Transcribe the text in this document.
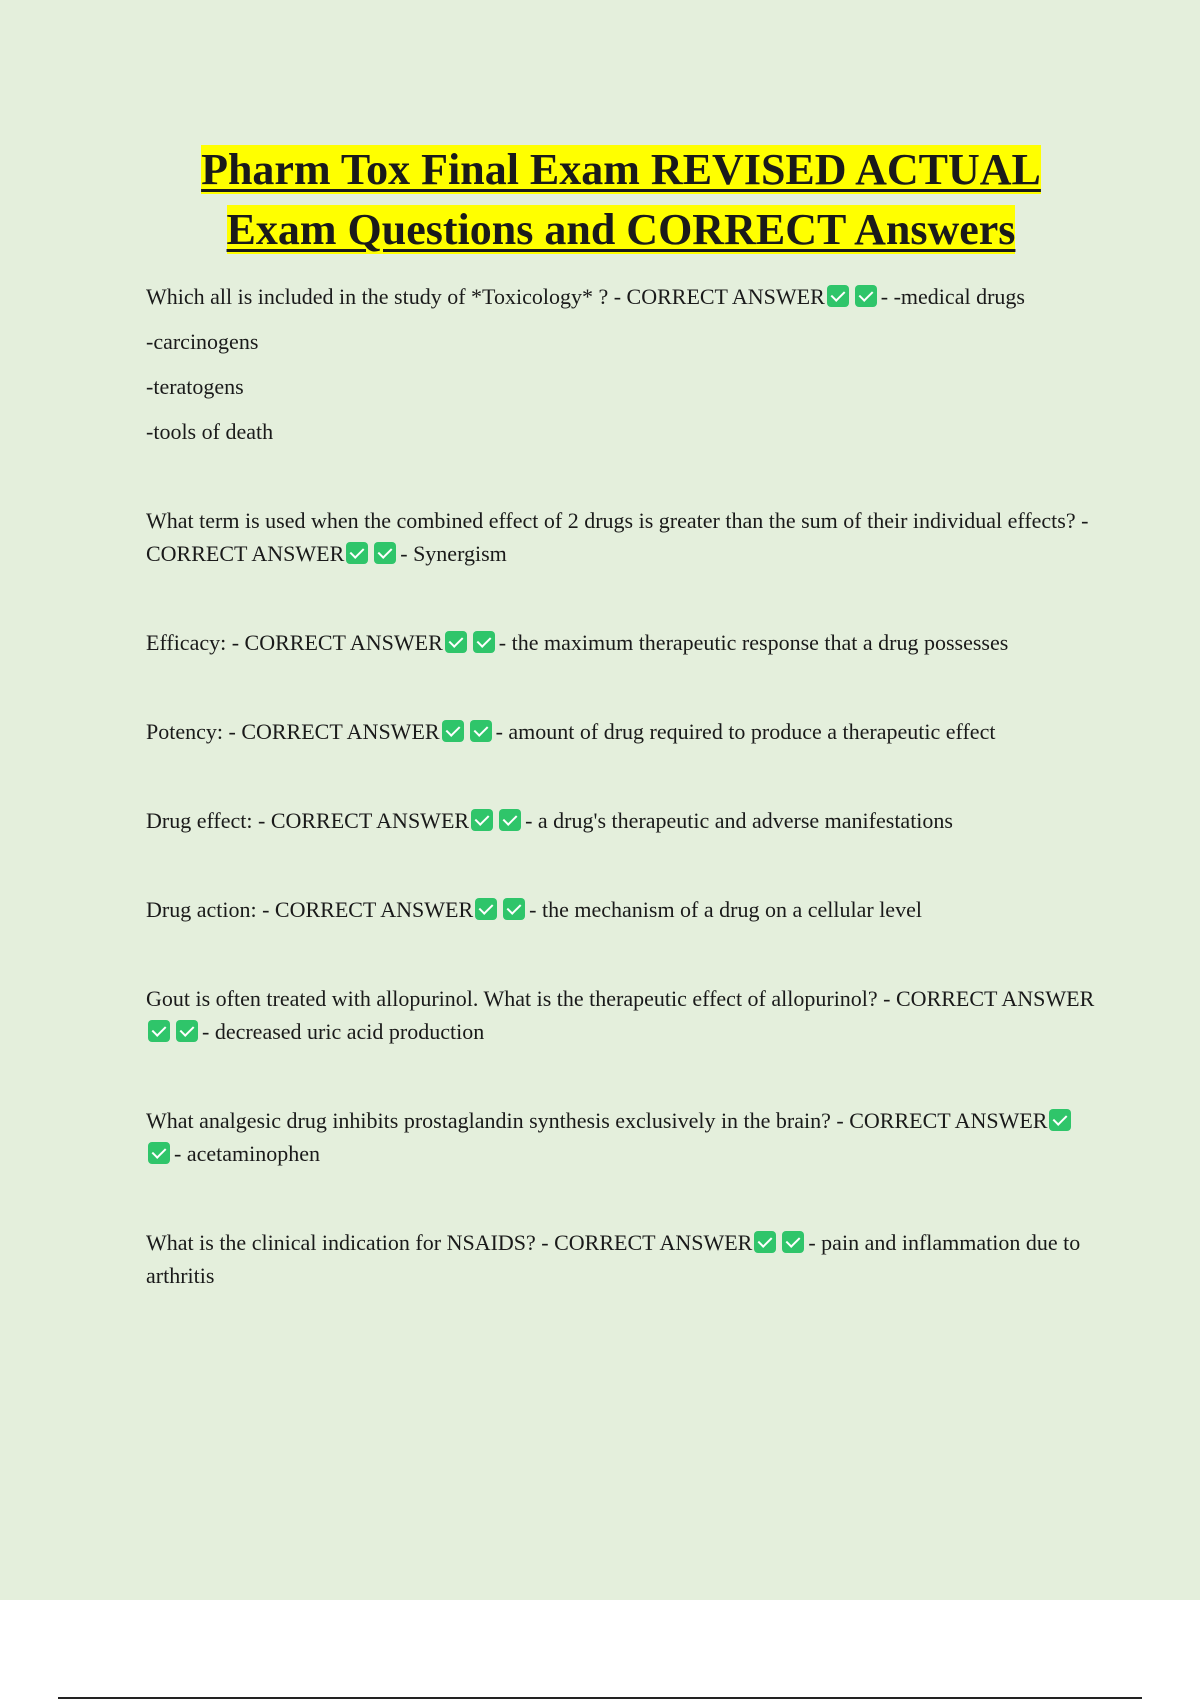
Pharm Tox Final Exam REVISED ACTUAL
Exam Questions and CORRECT Answers

Which all is included in the study of *Toxicology* ? - CORRECT ANSWER	- -medical drugs

-carcinogens

-teratogens

-tools of death

What term is used when the combined effect of 2 drugs is greater than the sum of their individual effects? - CORRECT ANSWER	- Synergism

Efficacy: - CORRECT ANSWER	- the maximum therapeutic response that a drug possesses

Potency: - CORRECT ANSWER	- amount of drug required to produce a therapeutic effect

Drug effect: - CORRECT ANSWER	- a drug's therapeutic and adverse manifestations

Drug action: - CORRECT ANSWER	- the mechanism of a drug on a cellular level

Gout is often treated with allopurinol. What is the therapeutic effect of allopurinol? - CORRECT ANSWER- decreased uric acid production

What analgesic drug inhibits prostaglandin synthesis exclusively in the brain? - CORRECT ANSWER- acetaminophen

What is the clinical indication for NSAIDS? - CORRECT ANSWER	- pain and inflammation due to arthritis
